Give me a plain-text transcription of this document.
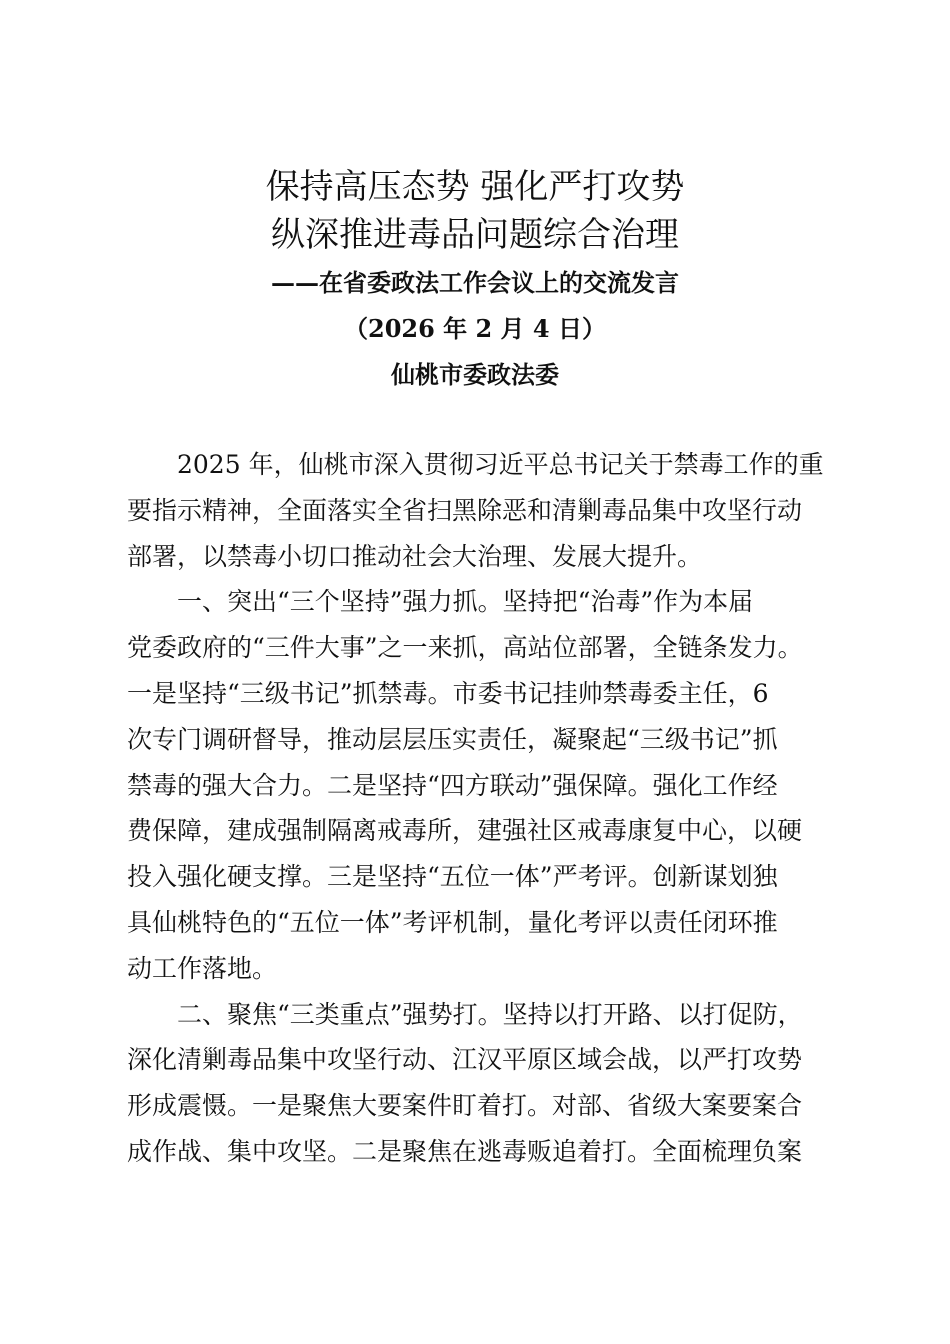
保持高压态势 强化严打攻势
纵深推进毒品问题综合治理
——在省委政法工作会议上的交流发言
（2026 年 2 月 4 日）
仙桃市委政法委
　　2025 年，仙桃市深入贯彻习近平总书记关于禁毒工作的重
要指示精神，全面落实全省扫黑除恶和清剿毒品集中攻坚行动
部署，以禁毒小切口推动社会大治理、发展大提升。
　　一、突出“三个坚持”强力抓。坚持把“治毒”作为本届
党委政府的“三件大事”之一来抓，高站位部署，全链条发力。
一是坚持“三级书记”抓禁毒。市委书记挂帅禁毒委主任，6
次专门调研督导，推动层层压实责任，凝聚起“三级书记”抓
禁毒的强大合力。二是坚持“四方联动”强保障。强化工作经
费保障，建成强制隔离戒毒所，建强社区戒毒康复中心，以硬
投入强化硬支撑。三是坚持“五位一体”严考评。创新谋划独
具仙桃特色的“五位一体”考评机制，量化考评以责任闭环推
动工作落地。
　　二、聚焦“三类重点”强势打。坚持以打开路、以打促防，
深化清剿毒品集中攻坚行动、江汉平原区域会战，以严打攻势
形成震慑。一是聚焦大要案件盯着打。对部、省级大案要案合
成作战、集中攻坚。二是聚焦在逃毒贩追着打。全面梳理负案
